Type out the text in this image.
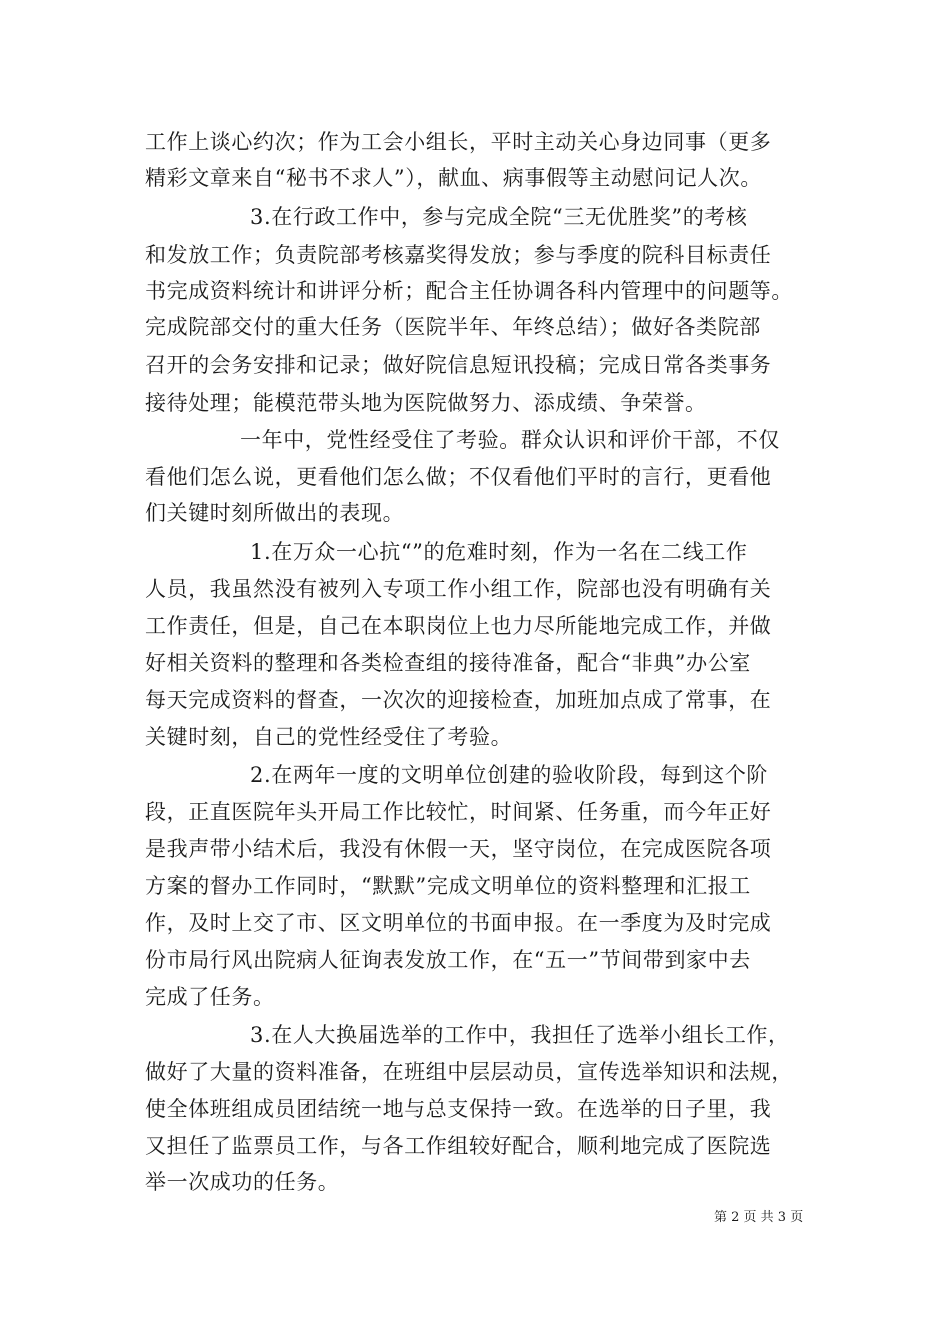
工作上谈心约次；作为工会小组长，平时主动关心身边同事（更多
精彩文章来自“秘书不求人”），献血、病事假等主动慰问记人次。
3.在行政工作中，参与完成全院“三无优胜奖”的考核
和发放工作；负责院部考核嘉奖得发放；参与季度的院科目标责任
书完成资料统计和讲评分析；配合主任协调各科内管理中的问题等。
完成院部交付的重大任务（医院半年、年终总结）；做好各类院部
召开的会务安排和记录；做好院信息短讯投稿；完成日常各类事务
接待处理；能模范带头地为医院做努力、添成绩、争荣誉。
一年中，党性经受住了考验。群众认识和评价干部，不仅
看他们怎么说，更看他们怎么做；不仅看他们平时的言行，更看他
们关键时刻所做出的表现。
1.在万众一心抗“”的危难时刻，作为一名在二线工作
人员，我虽然没有被列入专项工作小组工作，院部也没有明确有关
工作责任，但是，自己在本职岗位上也力尽所能地完成工作，并做
好相关资料的整理和各类检查组的接待准备，配合“非典”办公室
每天完成资料的督查，一次次的迎接检查，加班加点成了常事，在
关键时刻，自己的党性经受住了考验。
2.在两年一度的文明单位创建的验收阶段，每到这个阶
段，正直医院年头开局工作比较忙，时间紧、任务重，而今年正好
是我声带小结术后，我没有休假一天，坚守岗位，在完成医院各项
方案的督办工作同时，“默默”完成文明单位的资料整理和汇报工
作，及时上交了市、区文明单位的书面申报。在一季度为及时完成
份市局行风出院病人征询表发放工作，在“五一”节间带到家中去
完成了任务。
3.在人大换届选举的工作中，我担任了选举小组长工作，
做好了大量的资料准备，在班组中层层动员，宣传选举知识和法规，
使全体班组成员团结统一地与总支保持一致。在选举的日子里，我
又担任了监票员工作，与各工作组较好配合，顺利地完成了医院选
举一次成功的任务。
第 2 页 共 3 页
